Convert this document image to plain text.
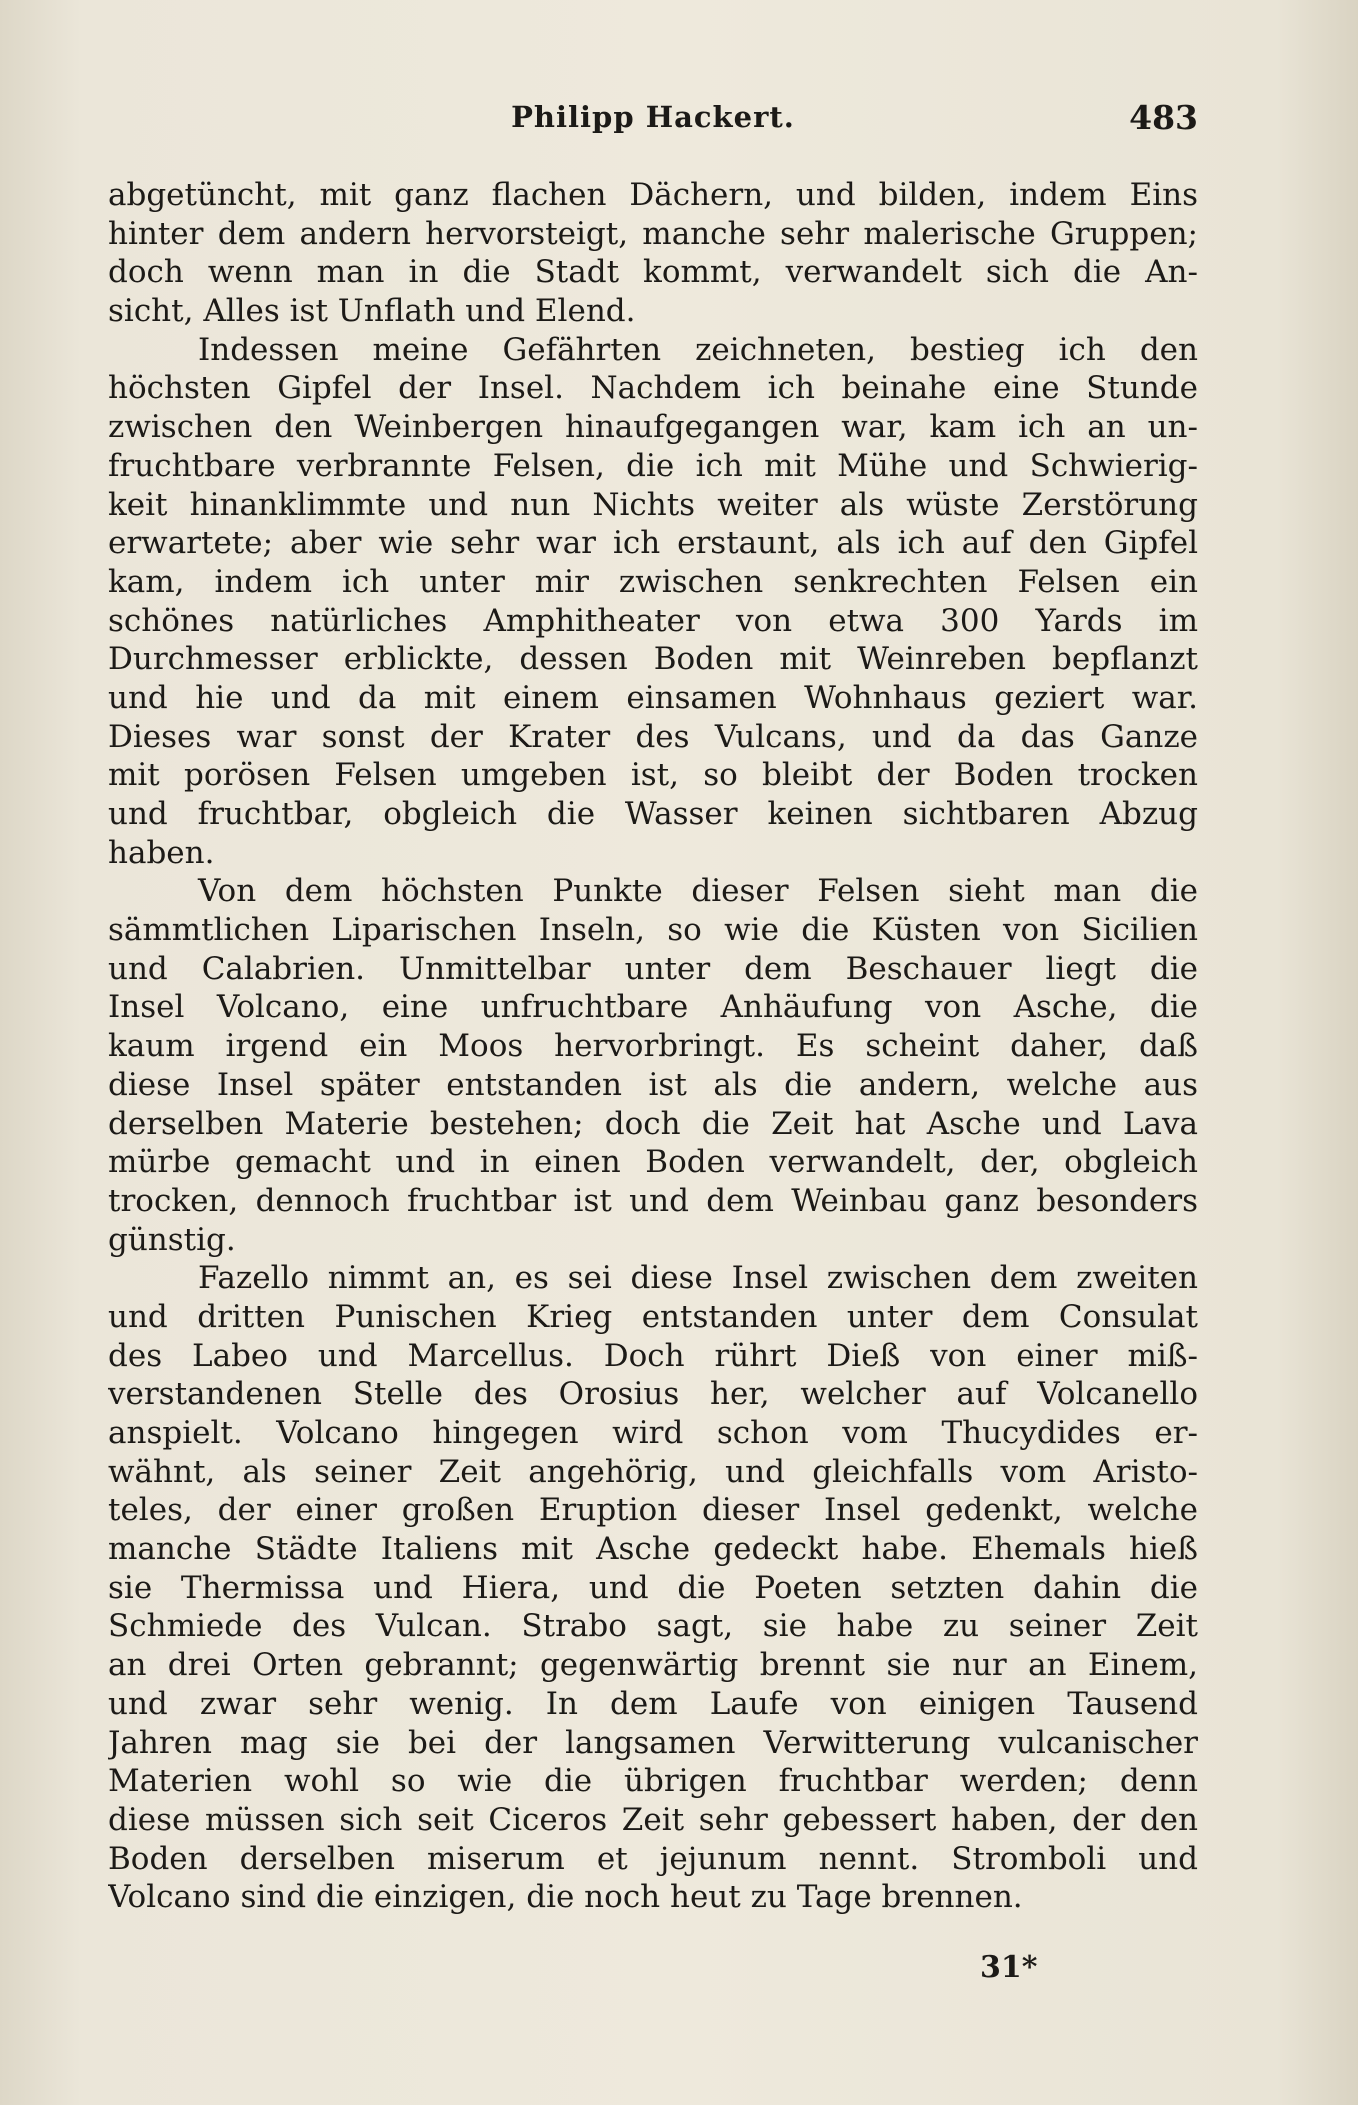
Philipp Hackert.	483
abgetüncht, mit ganz flachen Dächern, und bilden, indem Eins
hinter dem andern hervorsteigt, manche sehr malerische Gruppen;
doch wenn man in die Stadt kommt, verwandelt sich die An-
sicht, Alles ist Unflath und Elend.
Indessen meine Gefährten zeichneten, bestieg ich den
höchsten Gipfel der Insel. Nachdem ich beinahe eine Stunde
zwischen den Weinbergen hinaufgegangen war, kam ich an un-
fruchtbare verbrannte Felsen, die ich mit Mühe und Schwierig-
keit hinanklimmte und nun Nichts weiter als wüste Zerstörung
erwartete; aber wie sehr war ich erstaunt, als ich auf den Gipfel
kam, indem ich unter mir zwischen senkrechten Felsen ein
schönes natürliches Amphitheater von etwa 300 Yards im
Durchmesser erblickte, dessen Boden mit Weinreben bepflanzt
und hie und da mit einem einsamen Wohnhaus geziert war.
Dieses war sonst der Krater des Vulcans, und da das Ganze
mit porösen Felsen umgeben ist, so bleibt der Boden trocken
und fruchtbar, obgleich die Wasser keinen sichtbaren Abzug
haben.
Von dem höchsten Punkte dieser Felsen sieht man die
sämmtlichen Liparischen Inseln, so wie die Küsten von Sicilien
und Calabrien. Unmittelbar unter dem Beschauer liegt die
Insel Volcano, eine unfruchtbare Anhäufung von Asche, die
kaum irgend ein Moos hervorbringt. Es scheint daher, daß
diese Insel später entstanden ist als die andern, welche aus
derselben Materie bestehen; doch die Zeit hat Asche und Lava
mürbe gemacht und in einen Boden verwandelt, der, obgleich
trocken, dennoch fruchtbar ist und dem Weinbau ganz besonders
günstig.
Fazello nimmt an, es sei diese Insel zwischen dem zweiten
und dritten Punischen Krieg entstanden unter dem Consulat
des Labeo und Marcellus. Doch rührt Dieß von einer miß-
verstandenen Stelle des Orosius her, welcher auf Volcanello
anspielt. Volcano hingegen wird schon vom Thucydides er-
wähnt, als seiner Zeit angehörig, und gleichfalls vom Aristo-
teles, der einer großen Eruption dieser Insel gedenkt, welche
manche Städte Italiens mit Asche gedeckt habe. Ehemals hieß
sie Thermissa und Hiera, und die Poeten setzten dahin die
Schmiede des Vulcan. Strabo sagt, sie habe zu seiner Zeit
an drei Orten gebrannt; gegenwärtig brennt sie nur an Einem,
und zwar sehr wenig. In dem Laufe von einigen Tausend
Jahren mag sie bei der langsamen Verwitterung vulcanischer
Materien wohl so wie die übrigen fruchtbar werden; denn
diese müssen sich seit Ciceros Zeit sehr gebessert haben, der den
Boden derselben miserum et jejunum nennt. Stromboli und
Volcano sind die einzigen, die noch heut zu Tage brennen.
31*
